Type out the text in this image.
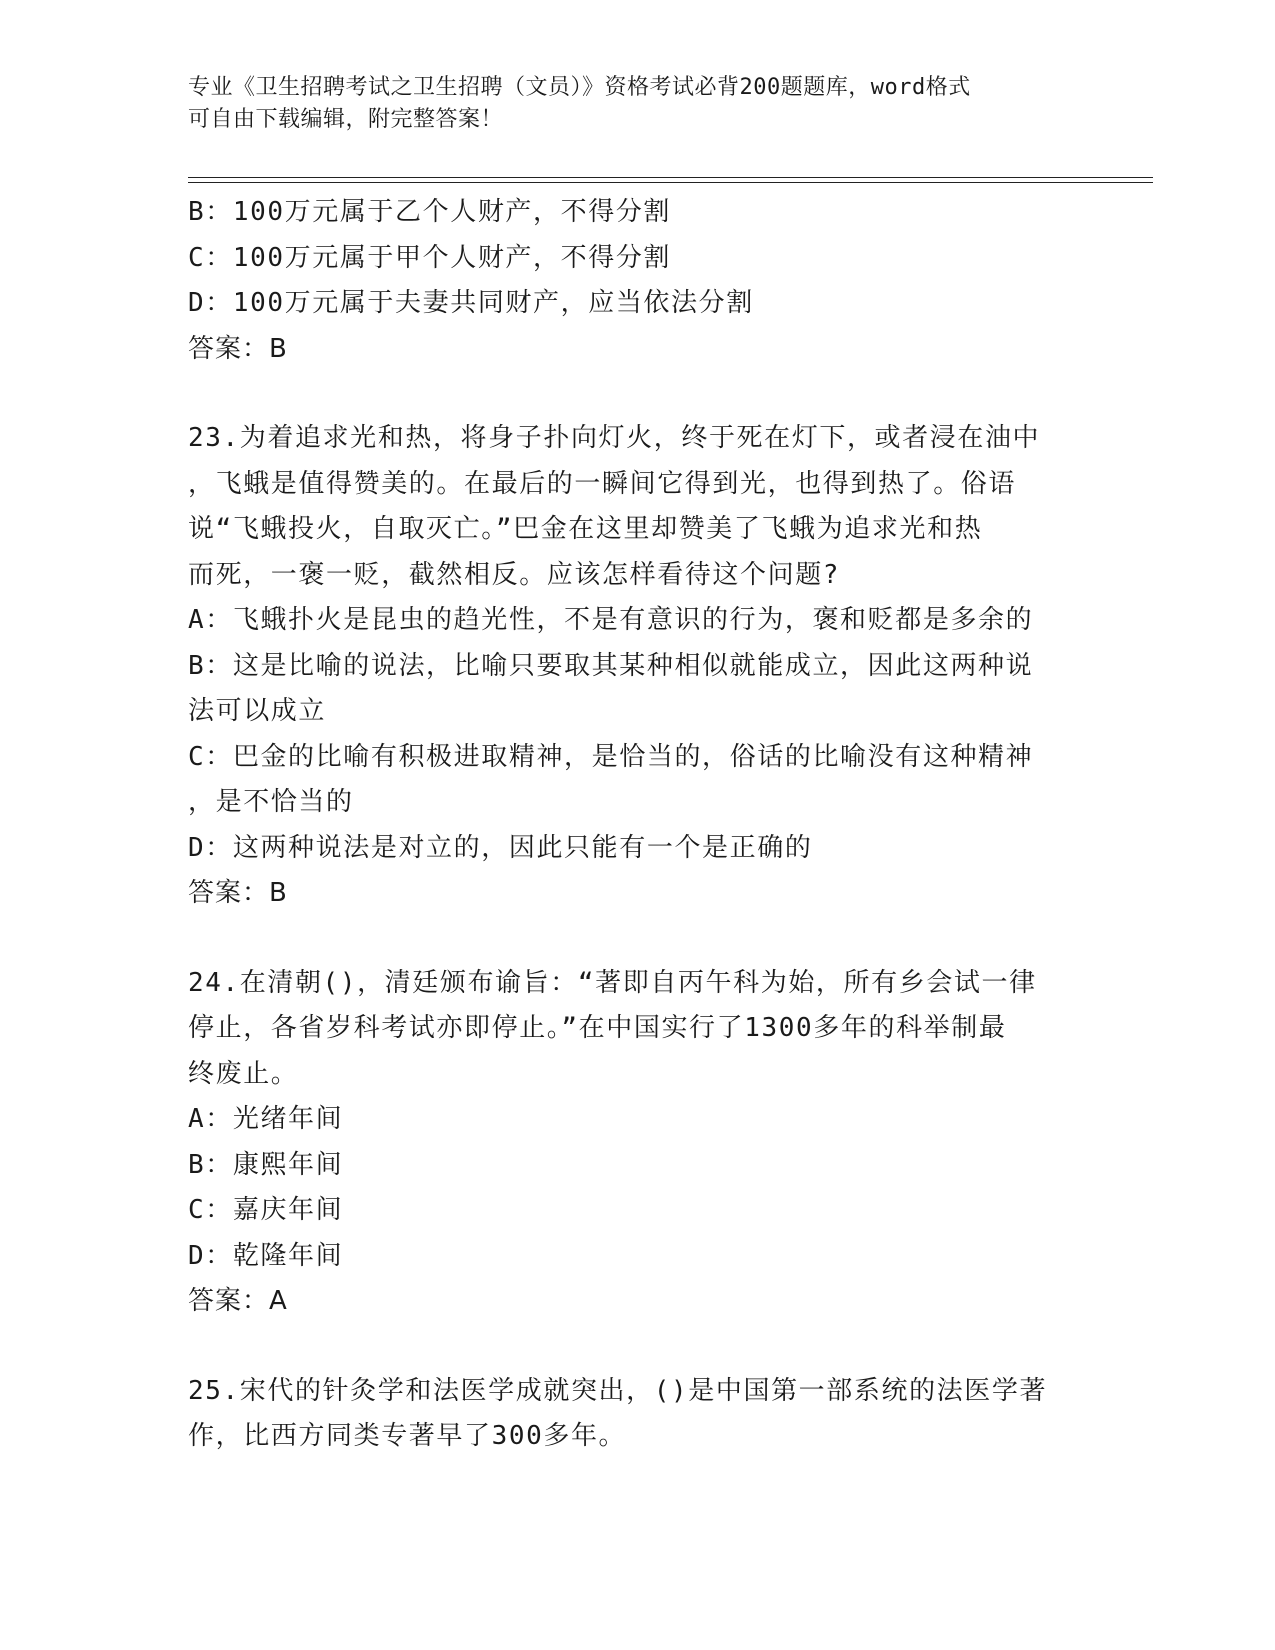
专业《卫生招聘考试之卫生招聘（文员）》资格考试必背200题题库，word格式
可自由下载编辑，附完整答案！
B：100万元属于乙个人财产，不得分割
C：100万元属于甲个人财产，不得分割
D：100万元属于夫妻共同财产，应当依法分割
答案：B
23.为着追求光和热，将身子扑向灯火，终于死在灯下，或者浸在油中
，飞蛾是值得赞美的。在最后的一瞬间它得到光，也得到热了。俗语
说“飞蛾投火，自取灭亡。”巴金在这里却赞美了飞蛾为追求光和热
而死，一褒一贬，截然相反。应该怎样看待这个问题?
A：飞蛾扑火是昆虫的趋光性，不是有意识的行为，褒和贬都是多余的
B：这是比喻的说法，比喻只要取其某种相似就能成立，因此这两种说
法可以成立
C：巴金的比喻有积极进取精神，是恰当的，俗话的比喻没有这种精神
，是不恰当的
D：这两种说法是对立的，因此只能有一个是正确的
答案：B
24.在清朝()，清廷颁布谕旨：“著即自丙午科为始，所有乡会试一律
停止，各省岁科考试亦即停止。”在中国实行了1300多年的科举制最
终废止。
A：光绪年间
B：康熙年间
C：嘉庆年间
D：乾隆年间
答案：A
25.宋代的针灸学和法医学成就突出，()是中国第一部系统的法医学著
作，比西方同类专著早了300多年。
